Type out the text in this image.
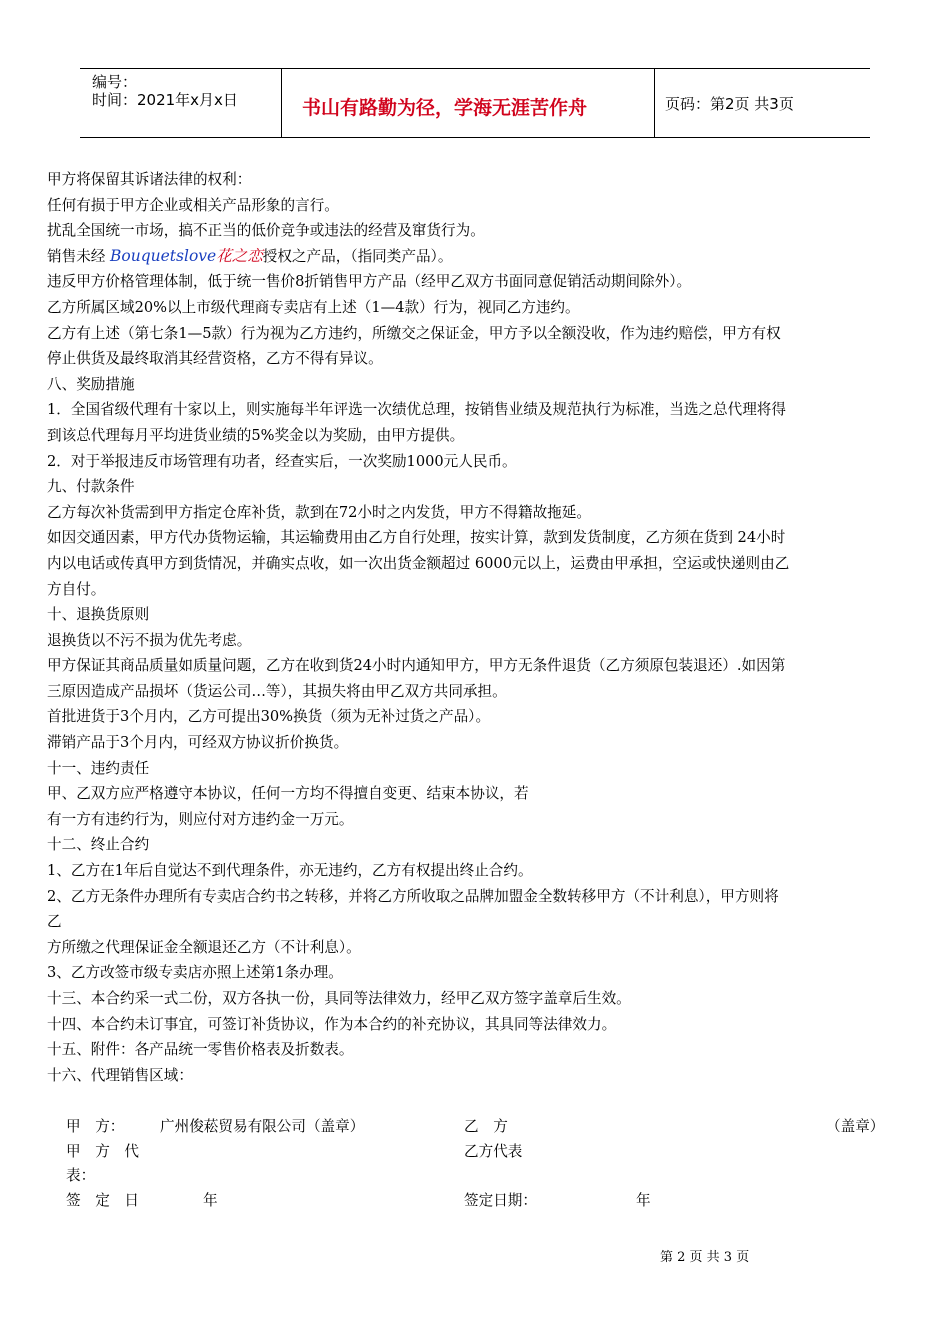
编号：
时间：2021年x月x日	书山有路勤为径，学海无涯苦作舟	页码：第2页 共3页
甲方将保留其诉诸法律的权利：
任何有损于甲方企业或相关产品形象的言行。
扰乱全国统一市场，搞不正当的低价竞争或违法的经营及窜货行为。
销售未经 Bouquetslove花之恋授权之产品，（指同类产品）。
违反甲方价格管理体制，低于统一售价8折销售甲方产品（经甲乙双方书面同意促销活动期间除外）。
乙方所属区域20%以上市级代理商专卖店有上述（1—4款）行为，视同乙方违约。
乙方有上述（第七条1—5款）行为视为乙方违约，所缴交之保证金，甲方予以全额没收，作为违约赔偿，甲方有权
停止供货及最终取消其经营资格，乙方不得有异议。
八、奖励措施
1．全国省级代理有十家以上，则实施每半年评选一次绩优总理，按销售业绩及规范执行为标准，当选之总代理将得
到该总代理每月平均进货业绩的5%奖金以为奖励，由甲方提供。
2．对于举报违反市场管理有功者，经查实后，一次奖励1000元人民币。
九、付款条件
乙方每次补货需到甲方指定仓库补货，款到在72小时之内发货，甲方不得籍故拖延。
如因交通因素，甲方代办货物运输，其运输费用由乙方自行处理，按实计算，款到发货制度，乙方须在货到 24小时
内以电话或传真甲方到货情况，并确实点收，如一次出货金额超过 6000元以上，运费由甲承担，空运或快递则由乙
方自付。
十、退换货原则
退换货以不污不损为优先考虑。
甲方保证其商品质量如质量问题，乙方在收到货24小时内通知甲方，甲方无条件退货（乙方须原包装退还）.如因第
三原因造成产品损坏（货运公司…等），其损失将由甲乙双方共同承担。
首批进货于3个月内，乙方可提出30%换货（须为无补过货之产品）。
滞销产品于3个月内，可经双方协议折价换货。
十一、违约责任
甲、乙双方应严格遵守本协议，任何一方均不得擅自变更、结束本协议，若
有一方有违约行为，则应付对方违约金一万元。
十二、终止合约
1、乙方在1年后自觉达不到代理条件，亦无违约，乙方有权提出终止合约。
2、乙方无条件办理所有专卖店合约书之转移，并将乙方所收取之品牌加盟金全数转移甲方（不计利息），甲方则将
乙
方所缴之代理保证金全额退还乙方（不计利息）。
3、乙方改签市级专卖店亦照上述第1条办理。
十三、本合约采一式二份，双方各执一份，具同等法律效力，经甲乙双方签字盖章后生效。
十四、本合约未订事宜，可签订补货协议，作为本合约的补充协议，其具同等法律效力。
十五、附件：各产品统一零售价格表及折数表。
十六、代理销售区域：
甲　方： 广州俊菘贸易有限公司（盖章）	乙　方	（盖章）
甲　方　代	乙方代表
表：
签　定　日	年	签定日期：	年
第 2 页 共 3 页
